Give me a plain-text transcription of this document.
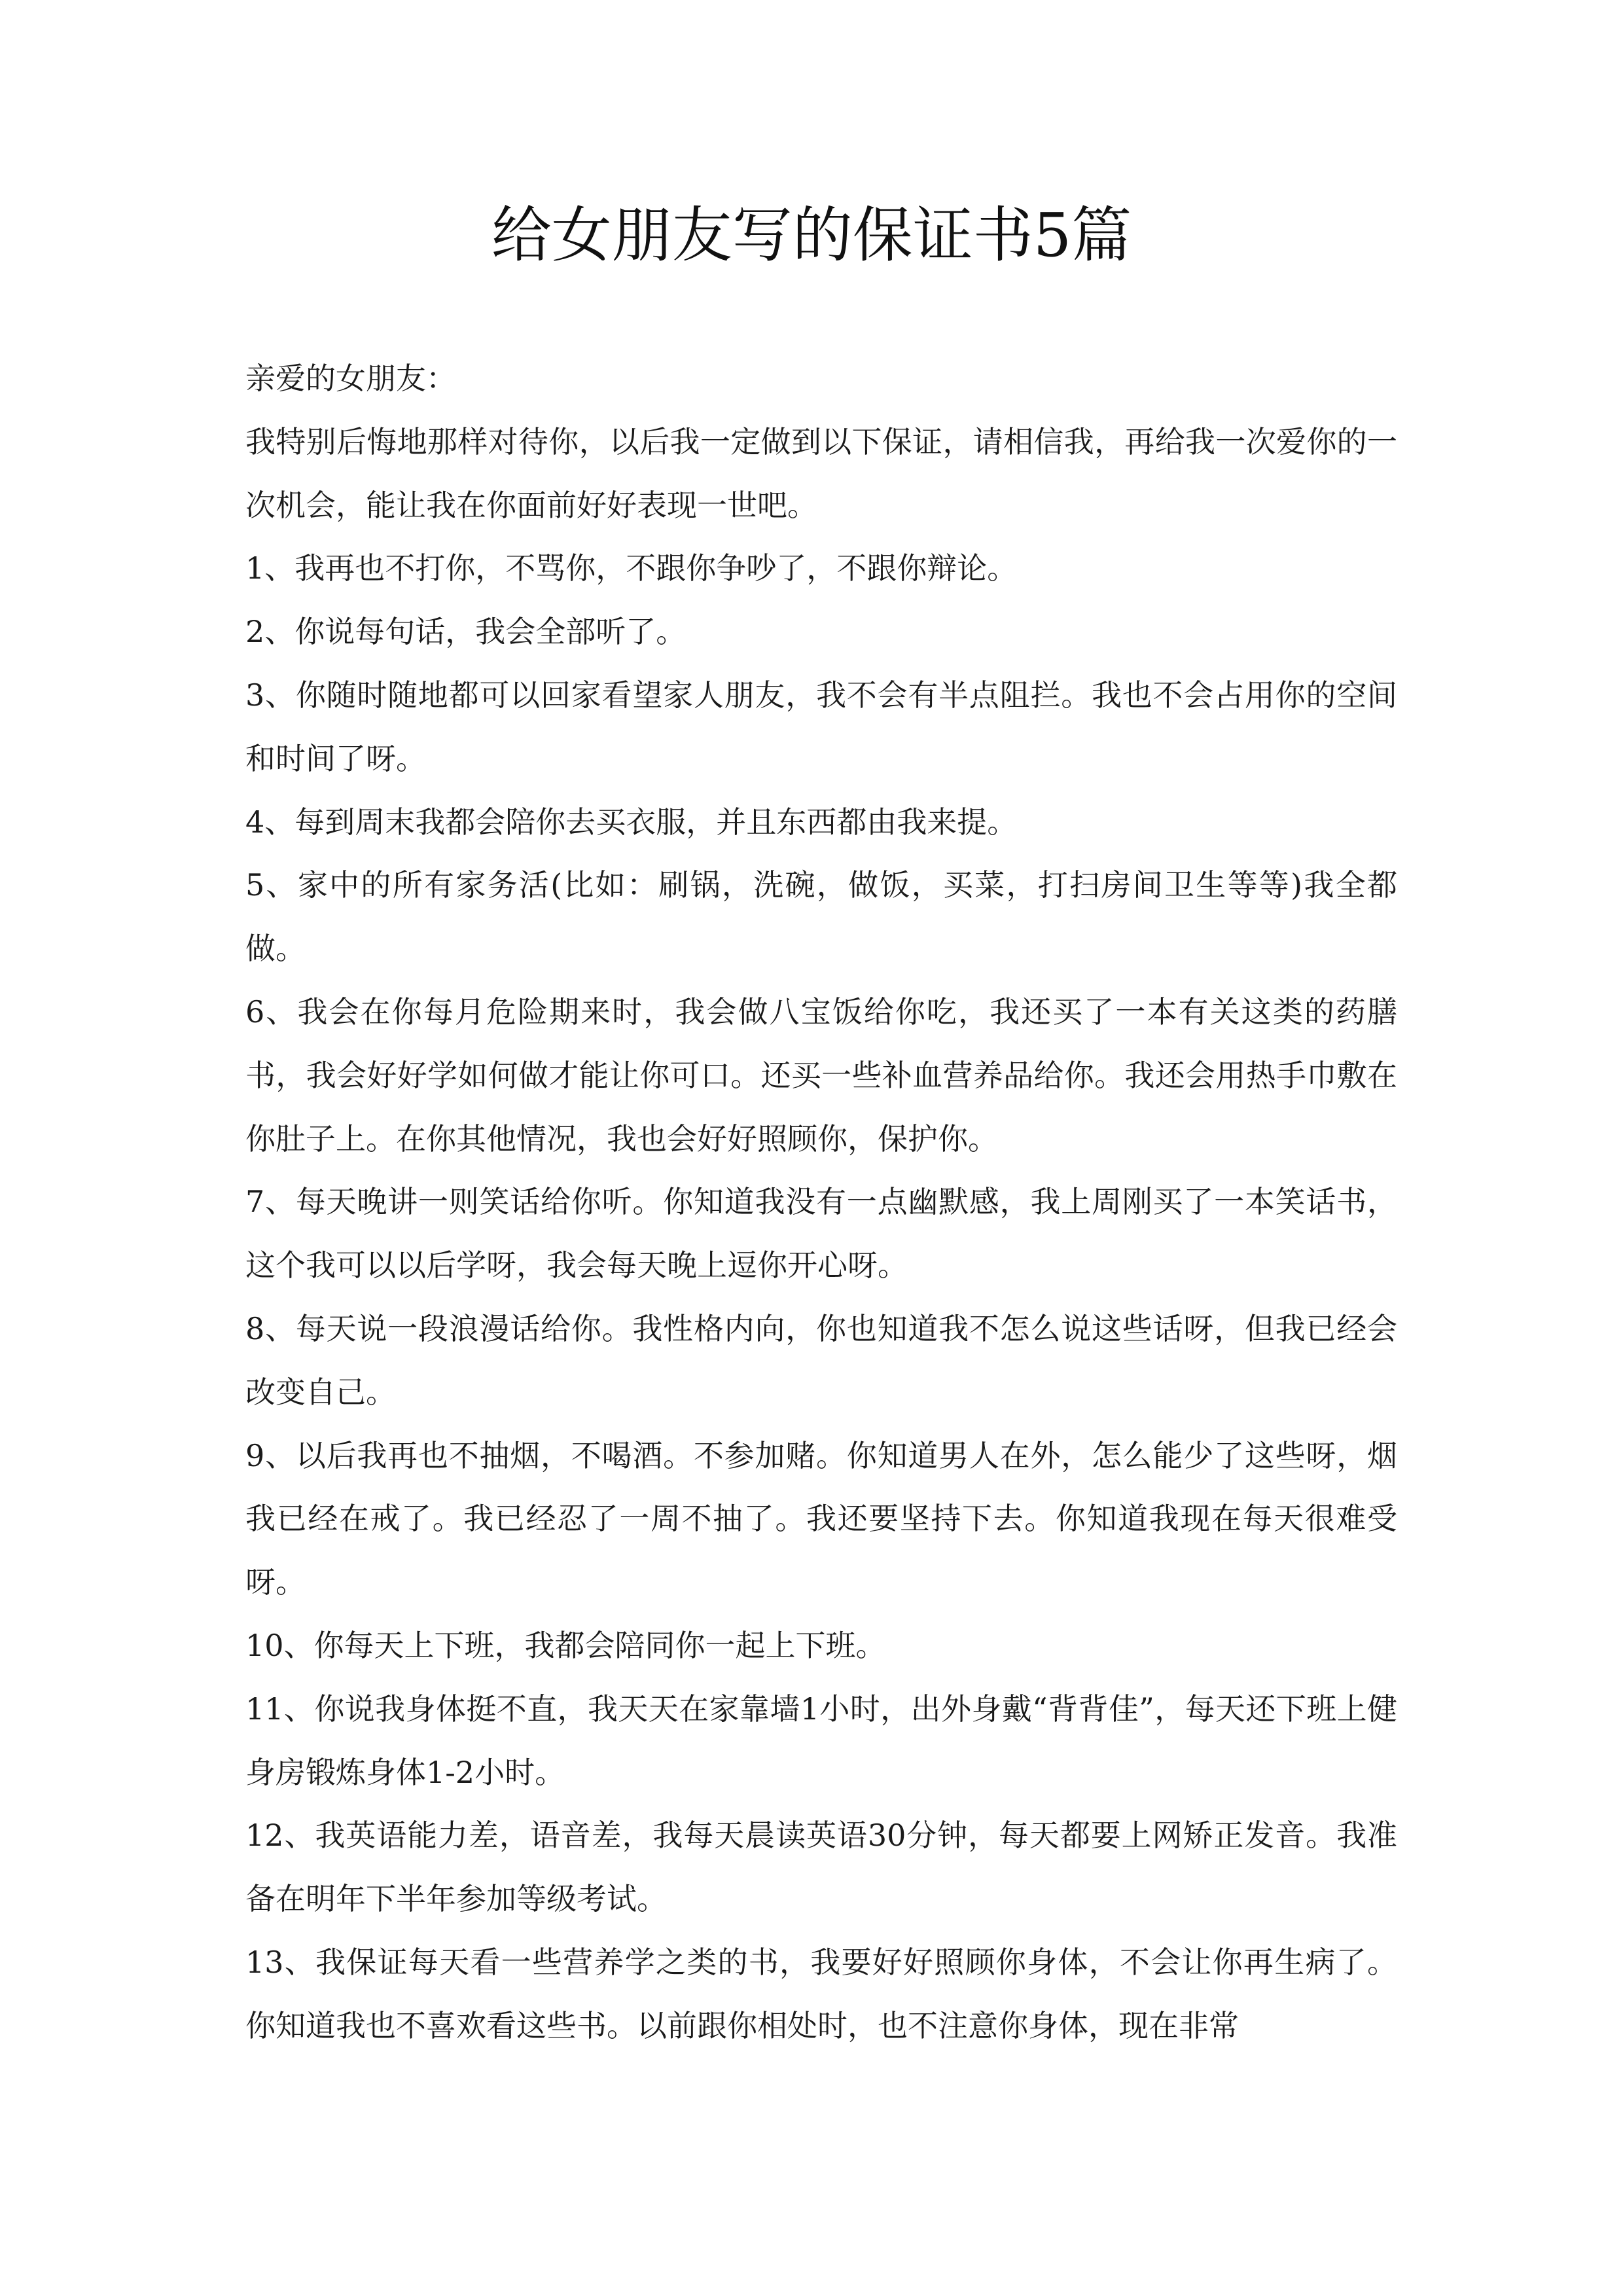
给女朋友写的保证书5篇

亲爱的女朋友：

我特别后悔地那样对待你，以后我一定做到以下保证，请相信我，再给我一次爱你的一次机会，能让我在你面前好好表现一世吧。

1、我再也不打你，不骂你，不跟你争吵了，不跟你辩论。

2、你说每句话，我会全部听了。

3、你随时随地都可以回家看望家人朋友，我不会有半点阻拦。我也不会占用你的空间和时间了呀。

4、每到周末我都会陪你去买衣服，并且东西都由我来提。

5、家中的所有家务活(比如：刷锅，洗碗，做饭，买菜，打扫房间卫生等等)我全都做。

6、我会在你每月危险期来时，我会做八宝饭给你吃，我还买了一本有关这类的药膳书，我会好好学如何做才能让你可口。还买一些补血营养品给你。我还会用热手巾敷在你肚子上。在你其他情况，我也会好好照顾你，保护你。

7、每天晚讲一则笑话给你听。你知道我没有一点幽默感，我上周刚买了一本笑话书，这个我可以以后学呀，我会每天晚上逗你开心呀。

8、每天说一段浪漫话给你。我性格内向，你也知道我不怎么说这些话呀，但我已经会改变自己。

9、以后我再也不抽烟，不喝酒。不参加赌。你知道男人在外，怎么能少了这些呀，烟我已经在戒了。我已经忍了一周不抽了。我还要坚持下去。你知道我现在每天很难受呀。

10、你每天上下班，我都会陪同你一起上下班。

11、你说我身体挺不直，我天天在家靠墙1小时，出外身戴“背背佳”，每天还下班上健身房锻炼身体1-2小时。

12、我英语能力差，语音差，我每天晨读英语30分钟，每天都要上网矫正发音。我准备在明年下半年参加等级考试。

13、我保证每天看一些营养学之类的书，我要好好照顾你身体，不会让你再生病了。你知道我也不喜欢看这些书。以前跟你相处时，也不注意你身体，现在非常
